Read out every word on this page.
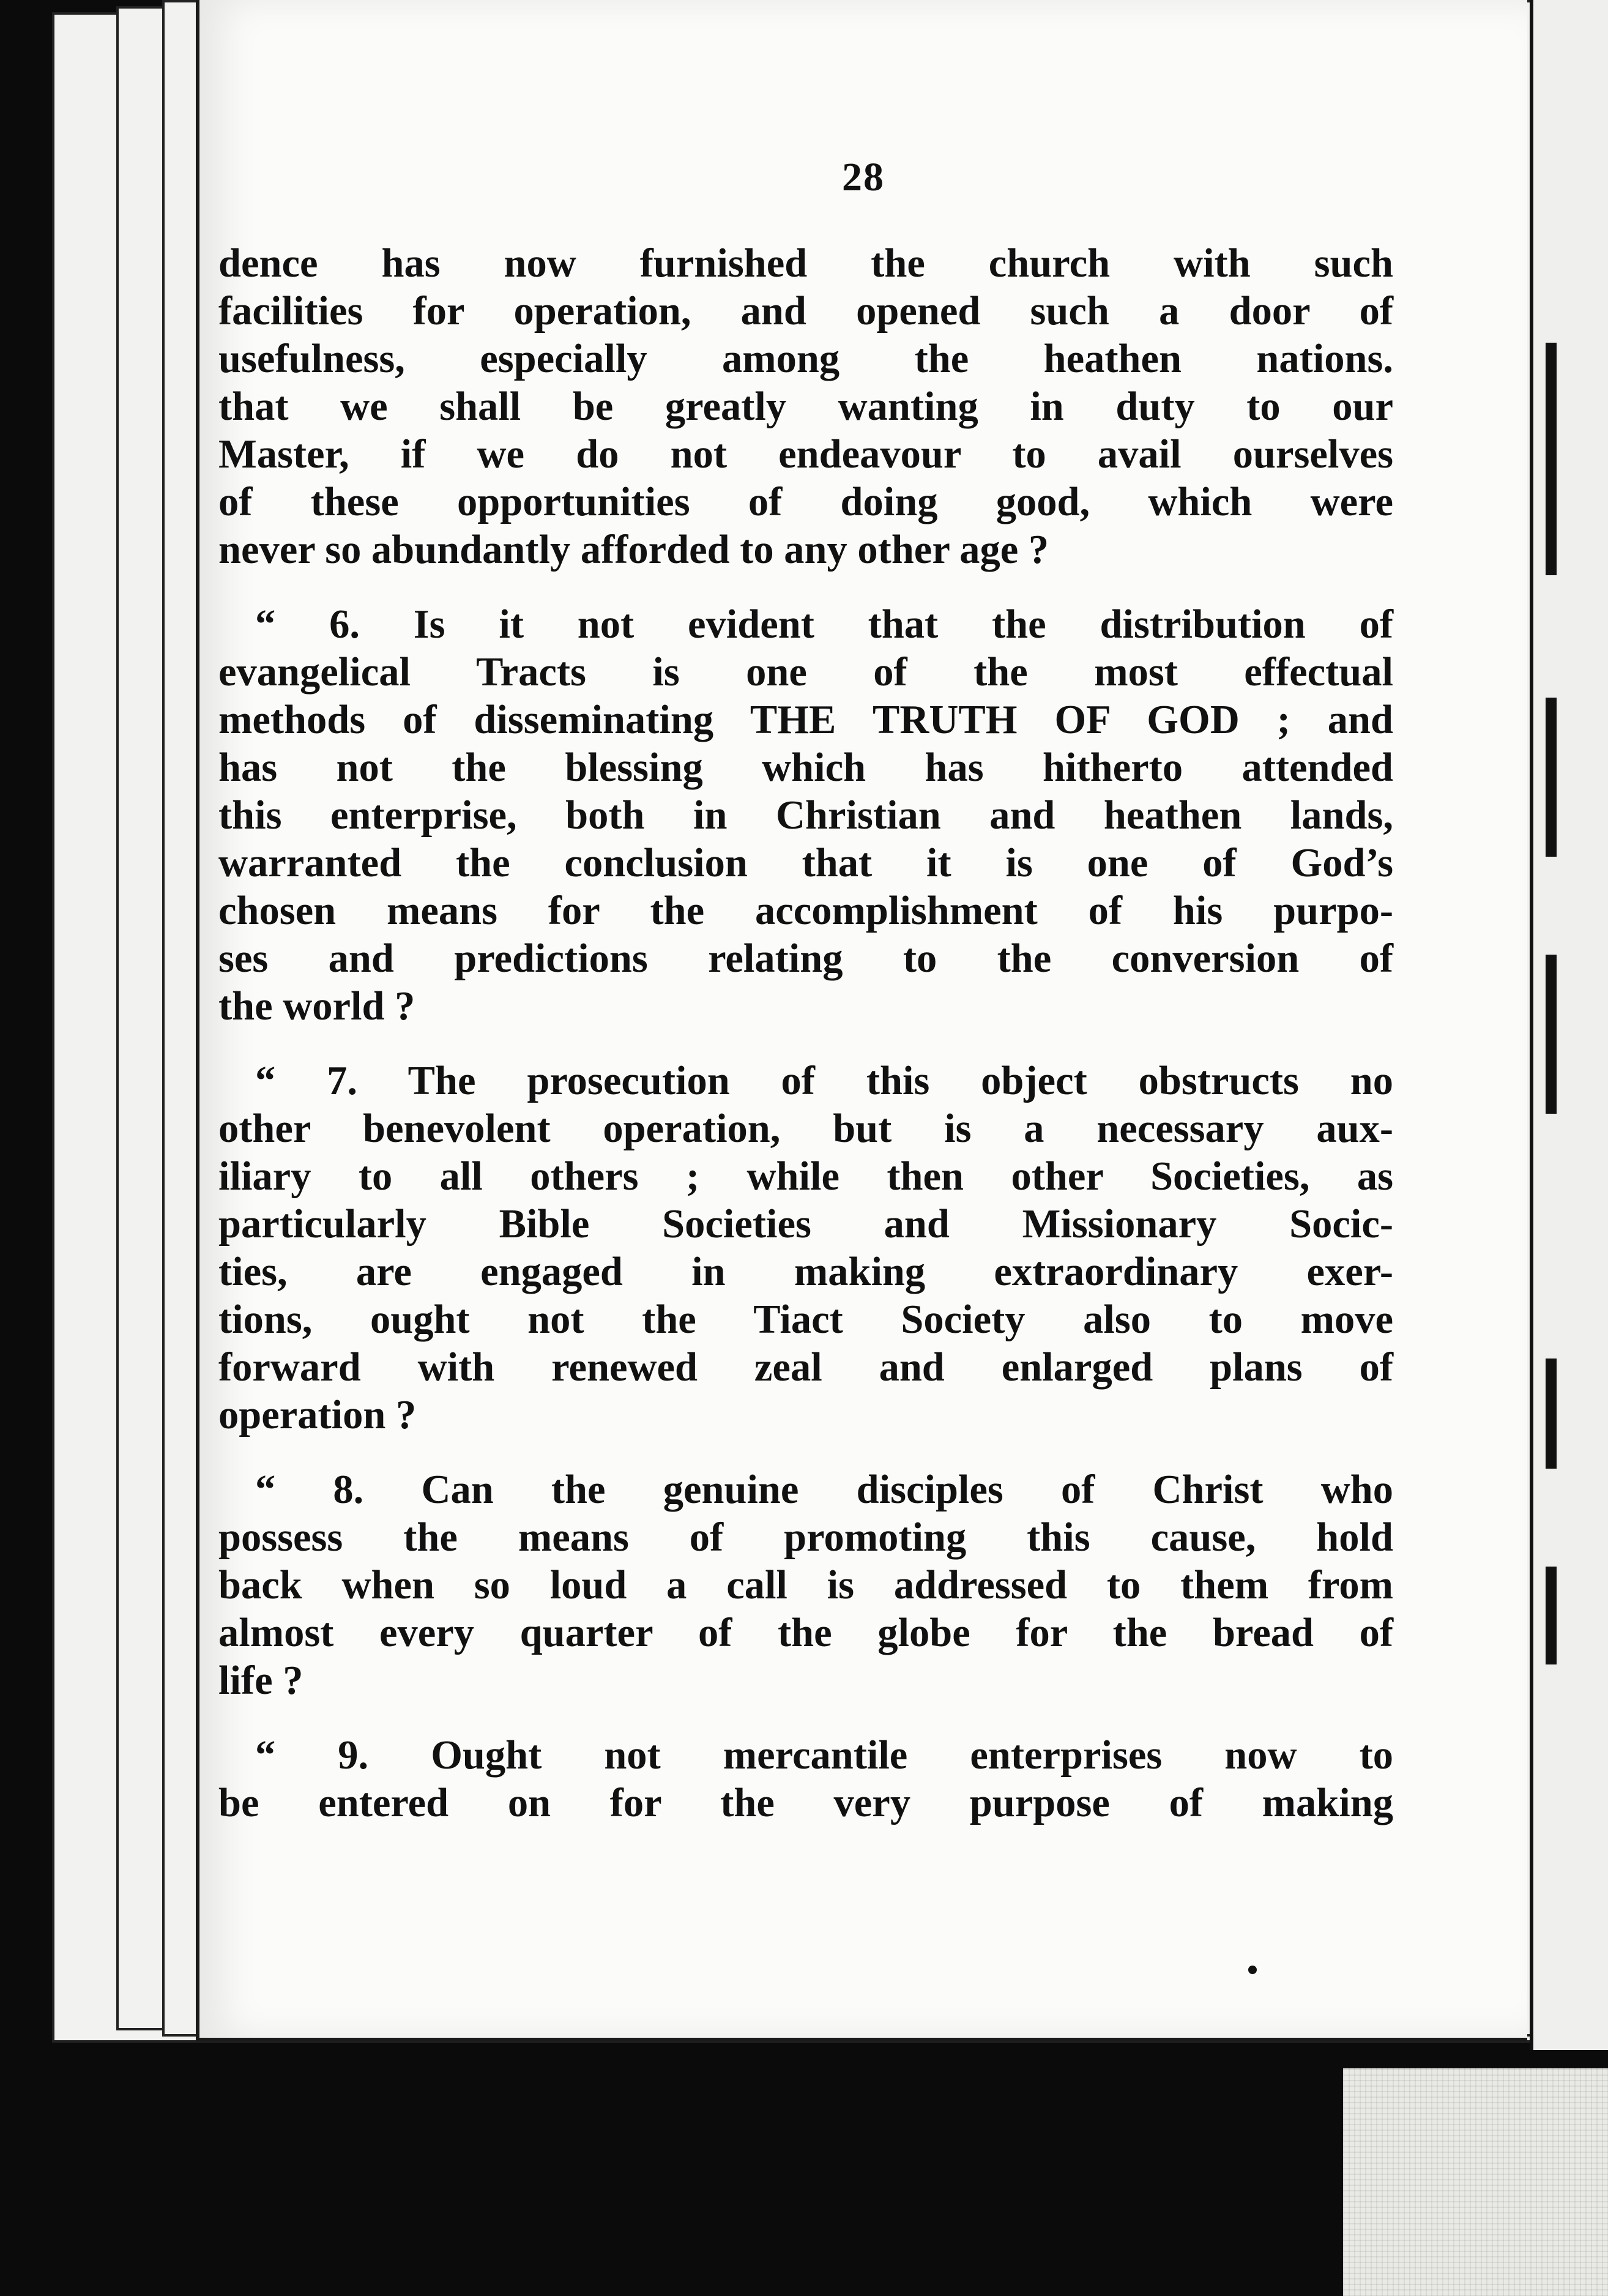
28
dence has now furnished the church with such
facilities for operation, and opened such a door of
usefulness, especially among the heathen nations.
that we shall be greatly wanting in duty to our
Master, if we do not endeavour to avail ourselves
of these opportunities of doing good, which were
never so abundantly afforded to any other age ?
“ 6. Is it not evident that the distribution of
evangelical Tracts is one of the most effectual
methods of disseminating THE TRUTH OF GOD ; and
has not the blessing which has hitherto attended
this enterprise, both in Christian and heathen lands,
warranted the conclusion that it is one of God’s
chosen means for the accomplishment of his purpo-
ses and predictions relating to the conversion of
the world ?
“ 7. The prosecution of this object obstructs no
other benevolent operation, but is a necessary aux-
iliary to all others ; while then other Societies, as
particularly Bible Societies and Missionary Socic-
ties, are engaged in making extraordinary exer-
tions, ought not the Tiact Society also to move
forward with renewed zeal and enlarged plans of
operation ?
“ 8. Can the genuine disciples of Christ who
possess the means of promoting this cause, hold
back when so loud a call is addressed to them from
almost every quarter of the globe for the bread of
life ?
“ 9. Ought not mercantile enterprises now to
be entered on for the very purpose of making
